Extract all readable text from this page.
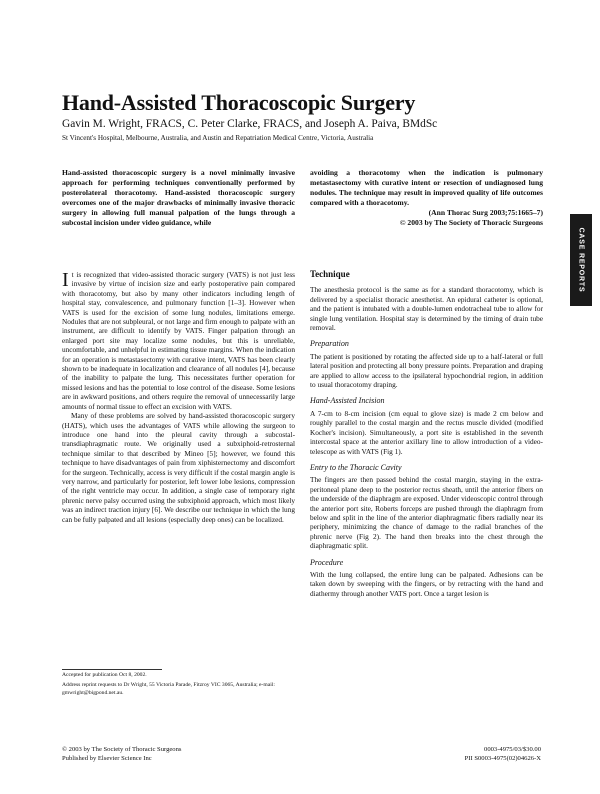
Hand-Assisted Thoracoscopic Surgery
Gavin M. Wright, FRACS, C. Peter Clarke, FRACS, and Joseph A. Paiva, BMdSc
St Vincent's Hospital, Melbourne, Australia, and Austin and Repatriation Medical Centre, Victoria, Australia
Hand-assisted thoracoscopic surgery is a novel minimally invasive approach for performing techniques conventionally performed by posterolateral thoracotomy. Hand-assisted thoracoscopic surgery overcomes one of the major drawbacks of minimally invasive thoracic surgery in allowing full manual palpation of the lungs through a subcostal incision under video guidance, while
avoiding a thoracotomy when the indication is pulmonary metastasectomy with curative intent or resection of undiagnosed lung nodules. The technique may result in improved quality of life outcomes compared with a thoracotomy.
(Ann Thorac Surg 2003;75:1665–7)
© 2003 by The Society of Thoracic Surgeons
CASE REPORTS

It is recognized that video-assisted thoracic surgery (VATS) is not just less invasive by virtue of incision size and early postoperative pain compared with thoracotomy, but also by many other indicators including length of hospital stay, convalescence, and pulmonary function [1–3]. However when VATS is used for the excision of some lung nodules, limitations emerge. Nodules that are not subpleural, or not large and firm enough to palpate with an instrument, are difficult to identify by VATS. Finger palpation through an enlarged port site may localize some nodules, but this is unreliable, uncomfortable, and unhelpful in estimating tissue margins. When the indication for an operation is metastasectomy with curative intent, VATS has been clearly shown to be inadequate in localization and clearance of all nodules [4], because of the inability to palpate the lung. This necessitates further operation for missed lesions and has the potential to lose control of the disease. Some lesions are in awkward positions, and others require the removal of unnecessarily large amounts of normal tissue to effect an excision with VATS.

Many of these problems are solved by hand-assisted thoracoscopic surgery (HATS), which uses the advantages of VATS while allowing the surgeon to introduce one hand into the pleural cavity through a subcostal-transdiaphragmatic route. We originally used a subxiphoid-retrosternal technique similar to that described by Mineo [5]; however, we found this technique to have disadvantages of pain from xiphisternectomy and discomfort for the surgeon. Technically, access is very difficult if the costal margin angle is very narrow, and particularly for posterior, left lower lobe lesions, compression of the right ventricle may occur. In addition, a single case of temporary right phrenic nerve palsy occurred using the subxiphoid approach, which most likely was an indirect traction injury [6]. We describe our technique in which the lung can be fully palpated and all lesions (especially deep ones) can be localized.

Accepted for publication Oct 8, 2002.

Address reprint requests to Dr Wright, 55 Victoria Parade, Fitzroy VIC 3065, Australia; e-mail: gmwright@bigpond.net.au.

Technique

The anesthesia protocol is the same as for a standard thoracotomy, which is delivered by a specialist thoracic anesthetist. An epidural catheter is optional, and the patient is intubated with a double-lumen endotracheal tube to allow for single lung ventilation. Hospital stay is determined by the timing of drain tube removal.

Preparation

The patient is positioned by rotating the affected side up to a half-lateral or full lateral position and protecting all bony pressure points. Preparation and draping are applied to allow access to the ipsilateral hypochondrial region, in addition to usual thoracotomy draping.

Hand-Assisted Incision

A 7-cm to 8-cm incision (cm equal to glove size) is made 2 cm below and roughly parallel to the costal margin and the rectus muscle divided (modified Kocher's incision). Simultaneously, a port site is established in the seventh intercostal space at the anterior axillary line to allow introduction of a video-telescope as with VATS (Fig 1).

Entry to the Thoracic Cavity

The fingers are then passed behind the costal margin, staying in the extra-peritoneal plane deep to the posterior rectus sheath, until the anterior fibers on the underside of the diaphragm are exposed. Under videoscopic control through the anterior port site, Roberts forceps are pushed through the diaphragm from below and split in the line of the anterior diaphragmatic fibers radially near its periphery, minimizing the chance of damage to the radial branches of the phrenic nerve (Fig 2). The hand then breaks into the chest through the diaphragmatic split.

Procedure

With the lung collapsed, the entire lung can be palpated. Adhesions can be taken down by sweeping with the fingers, or by retracting with the hand and diathermy through another VATS port. Once a target lesion is

© 2003 by The Society of Thoracic Surgeons
Published by Elsevier Science Inc
0003-4975/03/$30.00
PII S0003-4975(02)04626-X
